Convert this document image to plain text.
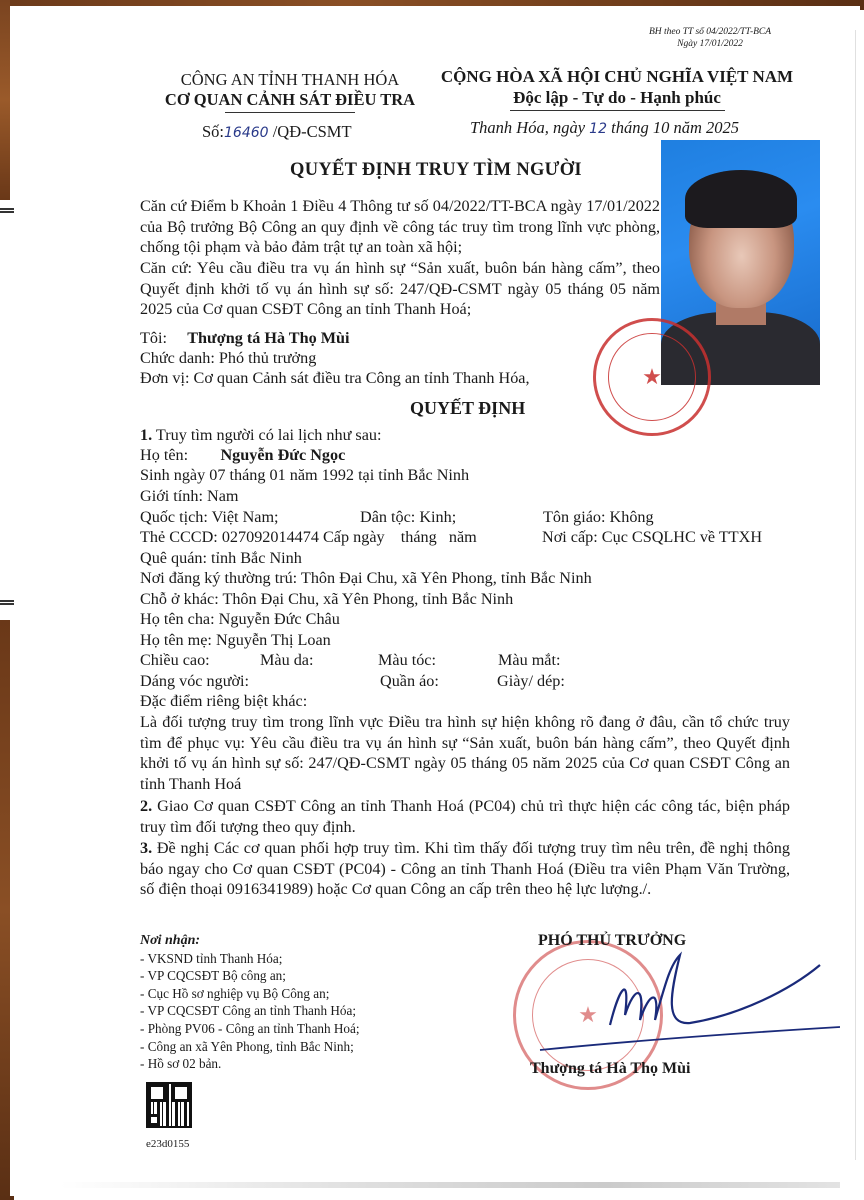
BH theo TT số 04/2022/TT-BCA
Ngày 17/01/2022
CÔNG AN TỈNH THANH HÓA
CƠ QUAN CẢNH SÁT ĐIỀU TRA
CỘNG HÒA XÃ HỘI CHỦ NGHĨA VIỆT NAM
Độc lập - Tự do - Hạnh phúc
Số:16460 /QĐ-CSMT	Thanh Hóa, ngày 12 tháng 10 năm 2025
QUYẾT ĐỊNH TRUY TÌM NGƯỜI
Căn cứ Điểm b Khoản 1 Điều 4 Thông tư số 04/2022/TT-BCA ngày 17/01/2022 của Bộ trưởng Bộ Công an quy định về công tác truy tìm trong lĩnh vực phòng, chống tội phạm và bảo đảm trật tự an toàn xã hội;
Căn cứ: Yêu cầu điều tra vụ án hình sự “Sản xuất, buôn bán hàng cấm”, theo Quyết định khởi tố vụ án hình sự số: 247/QĐ-CSMT ngày 05 tháng 05 năm 2025 của Cơ quan CSĐT Công an tỉnh Thanh Hoá;
Tôi: Thượng tá Hà Thọ Mùi
Chức danh: Phó thủ trưởng
Đơn vị: Cơ quan Cảnh sát điều tra Công an tỉnh Thanh Hóa,	★
QUYẾT ĐỊNH
1. Truy tìm người có lai lịch như sau:
Họ tên: Nguyễn Đức Ngọc
Sinh ngày 07 tháng 01 năm 1992 tại tỉnh Bắc Ninh
Giới tính: Nam
Quốc tịch: Việt Nam;	Dân tộc: Kinh;	Tôn giáo: Không
Thẻ CCCD: 027092014474 Cấp ngày    tháng   năm	Nơi cấp: Cục CSQLHC về TTXH
Quê quán: tỉnh Bắc Ninh
Nơi đăng ký thường trú: Thôn Đại Chu, xã Yên Phong, tỉnh Bắc Ninh
Chỗ ở khác: Thôn Đại Chu, xã Yên Phong, tỉnh Bắc Ninh
Họ tên cha: Nguyễn Đức Châu
Họ tên mẹ: Nguyễn Thị Loan
Chiều cao:	Màu da:	Màu tóc:	Màu mắt:
Dáng vóc người:	Quần áo:	Giày/ dép:
Đặc điểm riêng biệt khác:
Là đối tượng truy tìm trong lĩnh vực Điều tra hình sự hiện không rõ đang ở đâu, cần tổ chức truy tìm để phục vụ: Yêu cầu điều tra vụ án hình sự “Sản xuất, buôn bán hàng cấm”, theo Quyết định khởi tố vụ án hình sự số: 247/QĐ-CSMT ngày 05 tháng 05 năm 2025 của Cơ quan CSĐT Công an tỉnh Thanh Hoá
2. Giao Cơ quan CSĐT Công an tỉnh Thanh Hoá (PC04) chủ trì thực hiện các công tác, biện pháp truy tìm đối tượng theo quy định.
3. Đề nghị Các cơ quan phối hợp truy tìm. Khi tìm thấy đối tượng truy tìm nêu trên, đề nghị thông báo ngay cho Cơ quan CSĐT (PC04) - Công an tỉnh Thanh Hoá (Điều tra viên Phạm Văn Trường, số điện thoại 0916341989) hoặc Cơ quan Công an cấp trên theo hệ lực lượng./.
Nơi nhận:
- VKSND tỉnh Thanh Hóa;
- VP CQCSĐT Bộ công an;
- Cục Hồ sơ nghiệp vụ Bộ Công an;
- VP CQCSĐT Công an tỉnh Thanh Hóa;
- Phòng PV06 - Công an tỉnh Thanh Hoá;
- Công an xã Yên Phong, tỉnh Bắc Ninh;
- Hồ sơ 02 bản.
★
PHÓ THỦ TRƯỞNG
Thượng tá Hà Thọ Mùi
e23d0155
